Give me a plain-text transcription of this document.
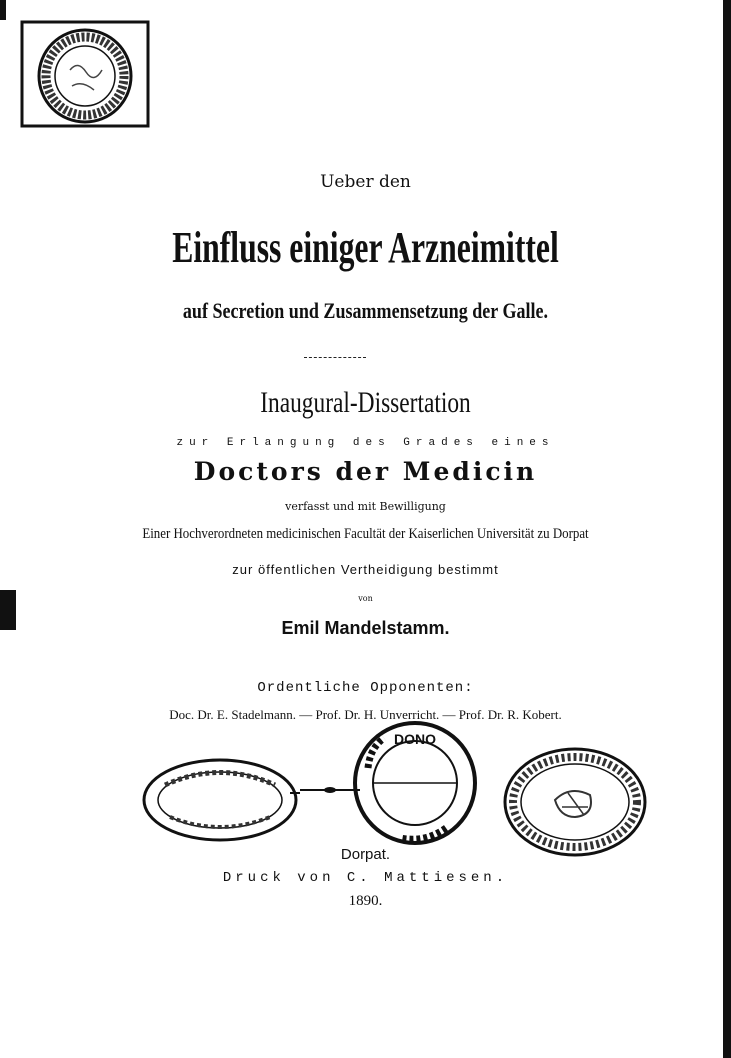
Ueber den
Einfluss einiger Arzneimittel
auf Secretion und Zusammensetzung der Galle.
Inaugural-Dissertation
zur Erlangung des Grades eines
Doctors der Medicin
verfasst und mit Bewilligung
Einer Hochverordneten medicinischen Facultät der Kaiserlichen Universität zu Dorpat
zur öffentlichen Vertheidigung bestimmt
von
Emil Mandelstamm.
Ordentliche Opponenten:
Doc. Dr. E. Stadelmann. — Prof. Dr. H. Unverricht. — Prof. Dr. R. Kobert.
DONO
Dorpat.
Druck von C. Mattiesen.
1890.
